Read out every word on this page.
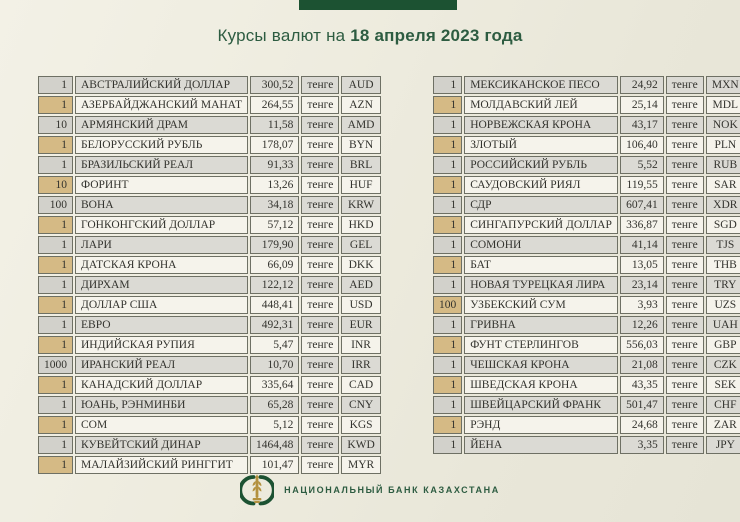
Курсы валют на 18 апреля 2023 года
1	АВСТРАЛИЙСКИЙ ДОЛЛАР	300,52	тенге	AUD
1	АЗЕРБАЙДЖАНСКИЙ МАНАТ	264,55	тенге	AZN
10	АРМЯНСКИЙ ДРАМ	11,58	тенге	AMD
1	БЕЛОРУССКИЙ РУБЛЬ	178,07	тенге	BYN
1	БРАЗИЛЬСКИЙ РЕАЛ	91,33	тенге	BRL
10	ФОРИНТ	13,26	тенге	HUF
100	ВОНА	34,18	тенге	KRW
1	ГОНКОНГСКИЙ ДОЛЛАР	57,12	тенге	HKD
1	ЛАРИ	179,90	тенге	GEL
1	ДАТСКАЯ КРОНА	66,09	тенге	DKK
1	ДИРХАМ	122,12	тенге	AED
1	ДОЛЛАР США	448,41	тенге	USD
1	ЕВРО	492,31	тенге	EUR
1	ИНДИЙСКАЯ РУПИЯ	5,47	тенге	INR
1000	ИРАНСКИЙ РЕАЛ	10,70	тенге	IRR
1	КАНАДСКИЙ ДОЛЛАР	335,64	тенге	CAD
1	ЮАНЬ, РЭНМИНБИ	65,28	тенге	CNY
1	СОМ	5,12	тенге	KGS
1	КУВЕЙТСКИЙ ДИНАР	1464,48	тенге	KWD
1	МАЛАЙЗИЙСКИЙ РИНГГИТ	101,47	тенге	MYR
1	МЕКСИКАНСКОЕ ПЕСО	24,92	тенге	MXN
1	МОЛДАВСКИЙ ЛЕЙ	25,14	тенге	MDL
1	НОРВЕЖСКАЯ КРОНА	43,17	тенге	NOK
1	ЗЛОТЫЙ	106,40	тенге	PLN
1	РОССИЙСКИЙ РУБЛЬ	5,52	тенге	RUB
1	САУДОВСКИЙ РИЯЛ	119,55	тенге	SAR
1	СДР	607,41	тенге	XDR
1	СИНГАПУРСКИЙ ДОЛЛАР	336,87	тенге	SGD
1	СОМОНИ	41,14	тенге	TJS
1	БАТ	13,05	тенге	THB
1	НОВАЯ ТУРЕЦКАЯ ЛИРА	23,14	тенге	TRY
100	УЗБЕКСКИЙ СУМ	3,93	тенге	UZS
1	ГРИВНА	12,26	тенге	UAH
1	ФУНТ СТЕРЛИНГОВ	556,03	тенге	GBP
1	ЧЕШСКАЯ КРОНА	21,08	тенге	CZK
1	ШВЕДСКАЯ КРОНА	43,35	тенге	SEK
1	ШВЕЙЦАРСКИЙ ФРАНК	501,47	тенге	CHF
1	РЭНД	24,68	тенге	ZAR
1	ЙЕНА	3,35	тенге	JPY
НАЦИОНАЛЬНЫЙ БАНК КАЗАХСТАНА
